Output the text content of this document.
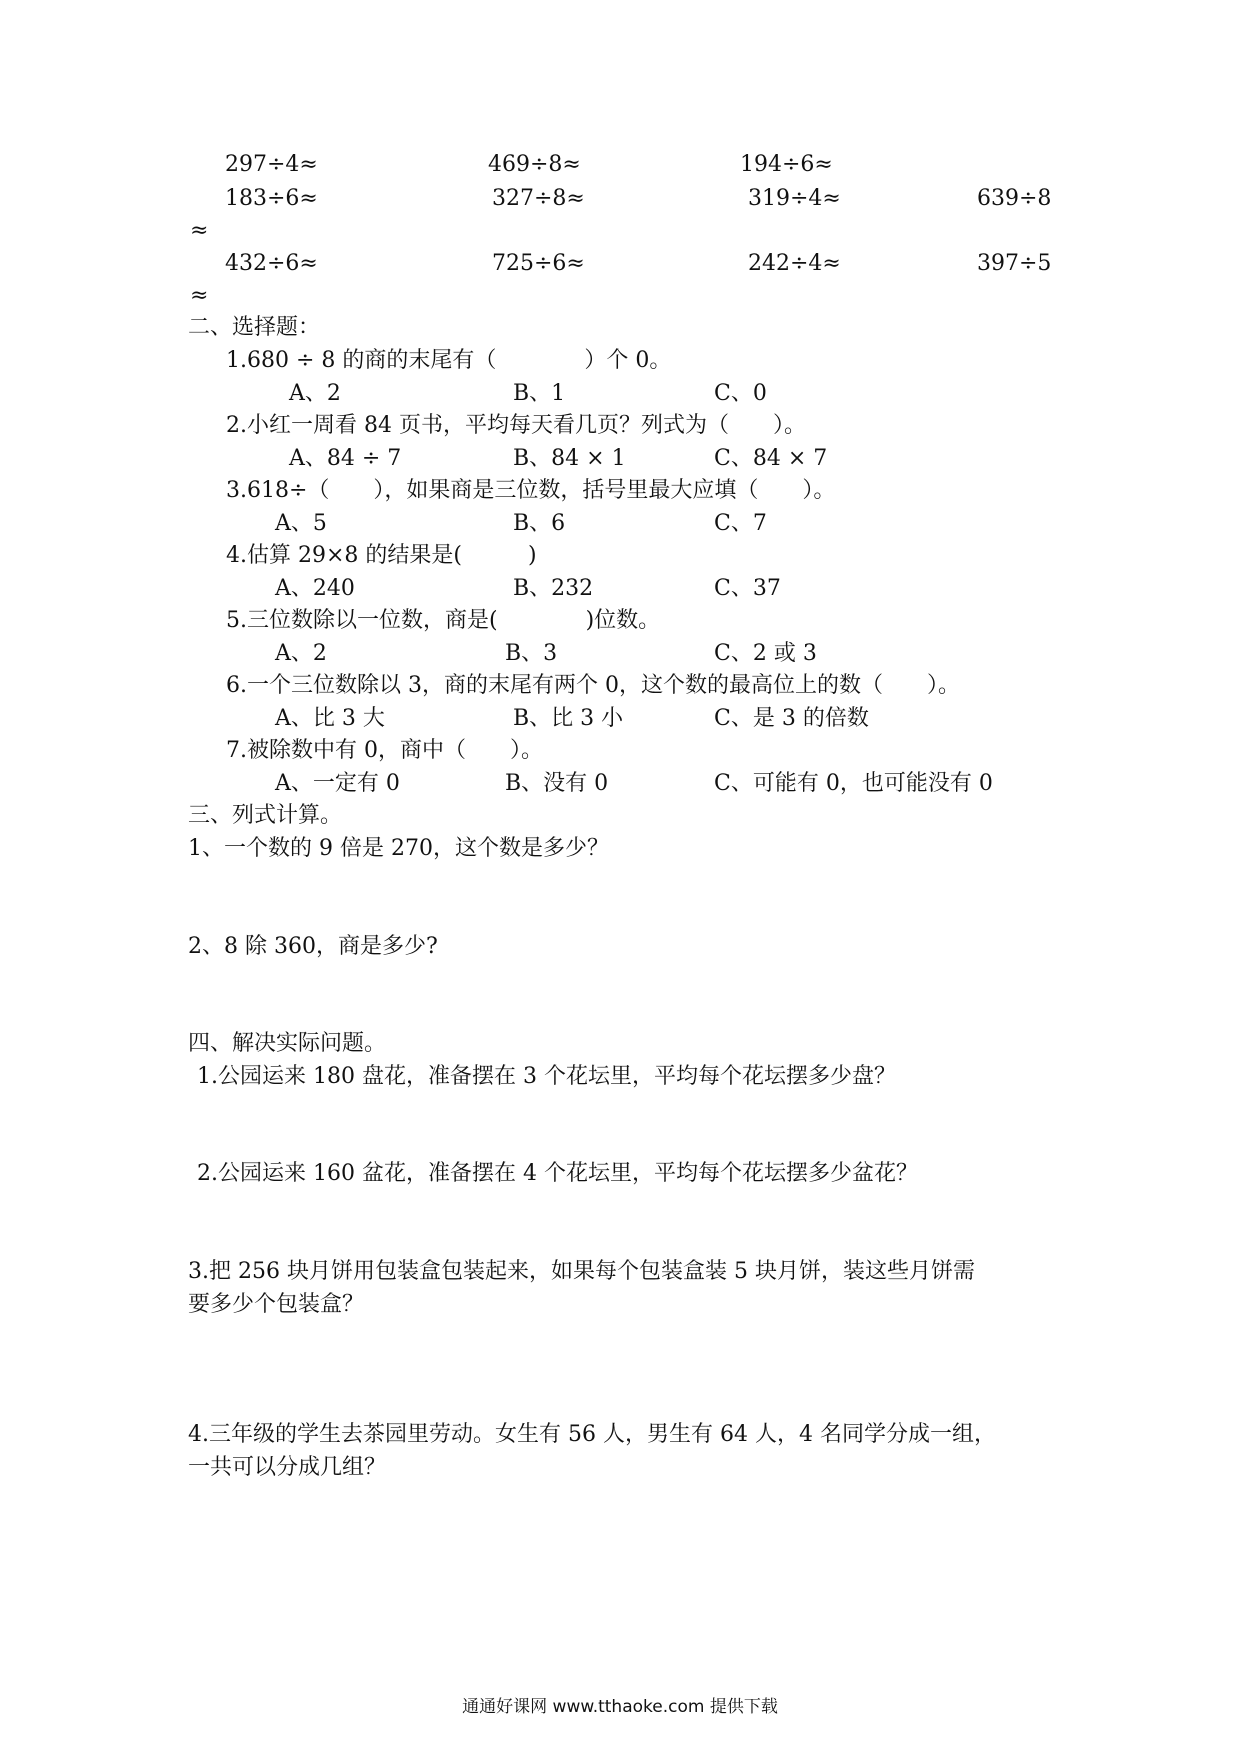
297÷4≈	469÷8≈	194÷6≈
183÷6≈	327÷8≈	319÷4≈	639÷8
≈
432÷6≈	725÷6≈	242÷4≈	397÷5
≈
二、选择题：
1.680 ÷ 8 的商的末尾有（　　　　）个 0。
A、2	B、1	C、0
2.小红一周看 84 页书，平均每天看几页？列式为（　　）。
A、84 ÷ 7	B、84 × 1	C、84 × 7
3.618÷（　　），如果商是三位数，括号里最大应填（　　）。
A、5	B、6	C、7
4.估算 29×8 的结果是(　　　)
A、240	B、232	C、37
5.三位数除以一位数，商是(　　　　)位数。
A、2	B、3	C、2 或 3
6.一个三位数除以 3，商的末尾有两个 0，这个数的最高位上的数（　　）。
A、比 3 大	B、比 3 小	C、是 3 的倍数
7.被除数中有 0，商中（　　）。
A、一定有 0	B、没有 0	C、可能有 0，也可能没有 0
三、列式计算。
1、一个数的 9 倍是 270，这个数是多少？
2、8 除 360，商是多少?
四、解决实际问题。
1.公园运来 180 盘花，准备摆在 3 个花坛里，平均每个花坛摆多少盘？
2.公园运来 160 盆花，准备摆在 4 个花坛里，平均每个花坛摆多少盆花？
3.把 256 块月饼用包装盒包装起来，如果每个包装盒装 5 块月饼，装这些月饼需
要多少个包装盒？
4.三年级的学生去茶园里劳动。女生有 56 人，男生有 64 人，4 名同学分成一组，
一共可以分成几组？
通通好课网 www.tthaoke.com 提供下载
